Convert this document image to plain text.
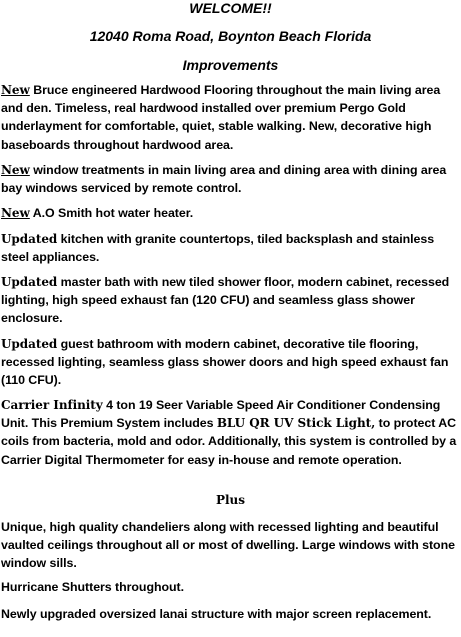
WELCOME!!

12040 Roma Road, Boynton Beach Florida

Improvements

New Bruce engineered Hardwood Flooring throughout the main living area and den. Timeless, real hardwood installed over premium Pergo Gold underlayment for comfortable, quiet, stable walking. New, decorative high baseboards throughout hardwood area.

New window treatments in main living area and dining area with dining area bay windows serviced by remote control.

New A.O Smith hot water heater.

Updated kitchen with granite countertops, tiled backsplash and stainless steel appliances.

Updated master bath with new tiled shower floor, modern cabinet, recessed lighting, high speed exhaust fan (120 CFU) and seamless glass shower enclosure.

Updated guest bathroom with modern cabinet, decorative tile flooring, recessed lighting, seamless glass shower doors and high speed exhaust fan (110 CFU).

Carrier Infinity 4 ton 19 Seer Variable Speed Air Conditioner Condensing Unit. This Premium System includes BLU QR UV Stick Light, to protect AC coils from bacteria, mold and odor. Additionally, this system is controlled by a Carrier Digital Thermometer for easy in-house and remote operation.

Plus

Unique, high quality chandeliers along with recessed lighting and beautiful vaulted ceilings throughout all or most of dwelling. Large windows with stone window sills.

Hurricane Shutters throughout.

Newly upgraded oversized lanai structure with major screen replacement.
